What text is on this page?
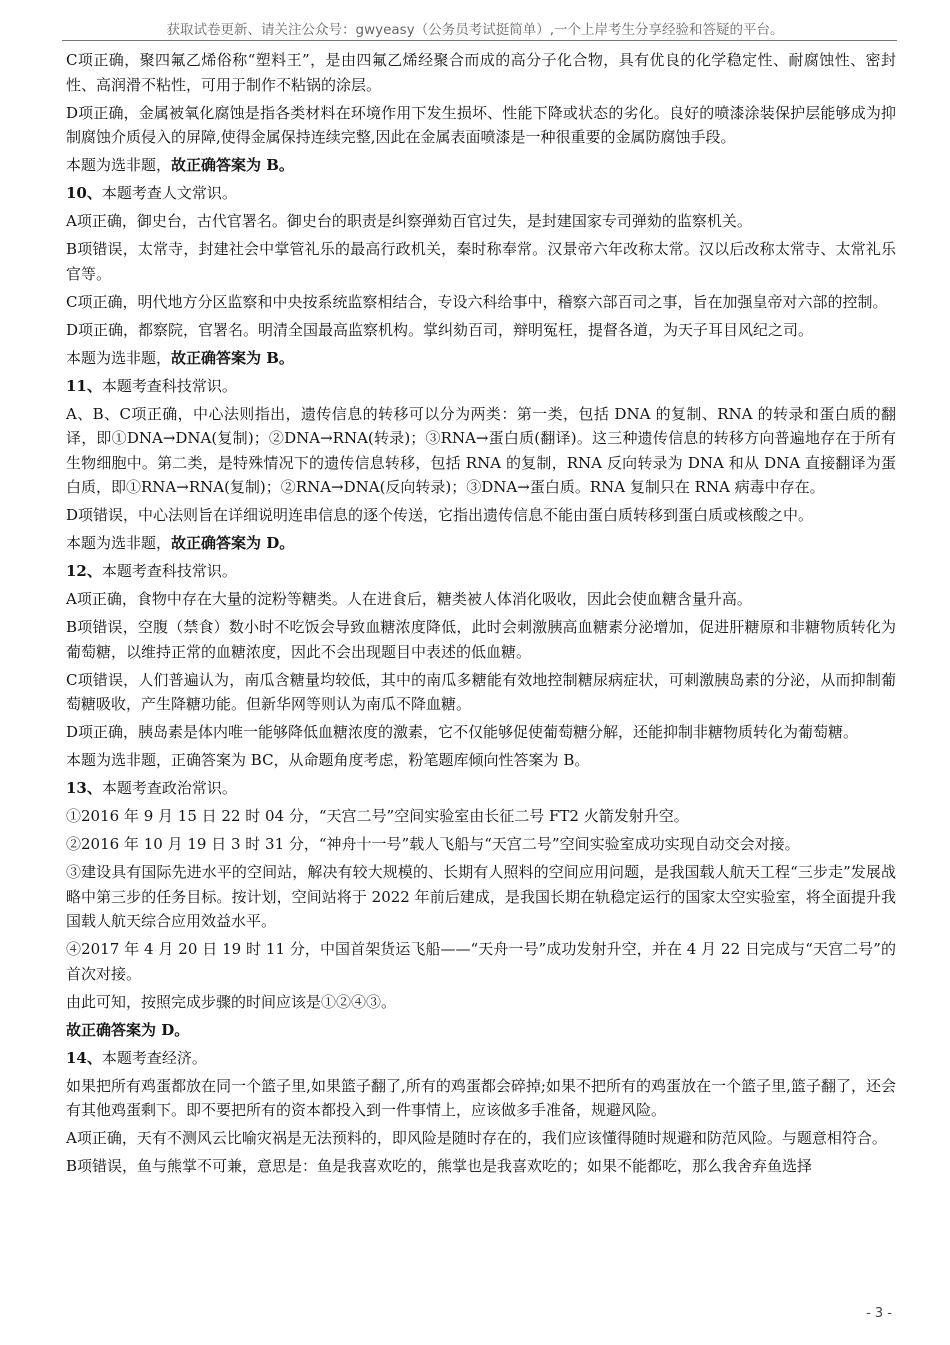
获取试卷更新、请关注公众号：gwyeasy（公务员考试挺简单）,一个上岸考生分享经验和答疑的平台。

C项正确，聚四氟乙烯俗称“塑料王”，是由四氟乙烯经聚合而成的高分子化合物，具有优良的化学稳定性、耐腐蚀性、密封性、高润滑不粘性，可用于制作不粘锅的涂层。

D项正确，金属被氧化腐蚀是指各类材料在环境作用下发生损坏、性能下降或状态的劣化。良好的喷漆涂装保护层能够成为抑制腐蚀介质侵入的屏障,使得金属保持连续完整,因此在金属表面喷漆是一种很重要的金属防腐蚀手段。

本题为选非题，故正确答案为 B。

10、本题考查人文常识。

A项正确，御史台，古代官署名。御史台的职责是纠察弹劾百官过失，是封建国家专司弹劾的监察机关。

B项错误，太常寺，封建社会中掌管礼乐的最高行政机关，秦时称奉常。汉景帝六年改称太常。汉以后改称太常寺、太常礼乐官等。

C项正确，明代地方分区监察和中央按系统监察相结合，专设六科给事中，稽察六部百司之事，旨在加强皇帝对六部的控制。

D项正确，都察院，官署名。明清全国最高监察机构。掌纠劾百司，辩明冤枉，提督各道，为天子耳目风纪之司。

本题为选非题，故正确答案为 B。

11、本题考查科技常识。

A、B、C项正确，中心法则指出，遗传信息的转移可以分为两类：第一类，包括 DNA 的复制、RNA 的转录和蛋白质的翻译，即①DNA→DNA(复制)；②DNA→RNA(转录)；③RNA→蛋白质(翻译)。这三种遗传信息的转移方向普遍地存在于所有生物细胞中。第二类，是特殊情况下的遗传信息转移，包括 RNA 的复制，RNA 反向转录为 DNA 和从 DNA 直接翻译为蛋白质，即①RNA→RNA(复制)；②RNA→DNA(反向转录)；③DNA→蛋白质。RNA 复制只在 RNA 病毒中存在。

D项错误，中心法则旨在详细说明连串信息的逐个传送，它指出遗传信息不能由蛋白质转移到蛋白质或核酸之中。

本题为选非题，故正确答案为 D。

12、本题考查科技常识。

A项正确，食物中存在大量的淀粉等糖类。人在进食后，糖类被人体消化吸收，因此会使血糖含量升高。

B项错误，空腹（禁食）数小时不吃饭会导致血糖浓度降低，此时会刺激胰高血糖素分泌增加，促进肝糖原和非糖物质转化为葡萄糖，以维持正常的血糖浓度，因此不会出现题目中表述的低血糖。

C项错误，人们普遍认为，南瓜含糖量均较低，其中的南瓜多糖能有效地控制糖尿病症状，可刺激胰岛素的分泌，从而抑制葡萄糖吸收，产生降糖功能。但新华网等则认为南瓜不降血糖。

D项正确，胰岛素是体内唯一能够降低血糖浓度的激素，它不仅能够促使葡萄糖分解，还能抑制非糖物质转化为葡萄糖。

本题为选非题，正确答案为 BC，从命题角度考虑，粉笔题库倾向性答案为 B。

13、本题考查政治常识。

①2016 年 9 月 15 日 22 时 04 分，“天宫二号”空间实验室由长征二号 FT2 火箭发射升空。

②2016 年 10 月 19 日 3 时 31 分，“神舟十一号”载人飞船与“天宫二号”空间实验室成功实现自动交会对接。

③建设具有国际先进水平的空间站，解决有较大规模的、长期有人照料的空间应用问题，是我国载人航天工程“三步走”发展战略中第三步的任务目标。按计划，空间站将于 2022 年前后建成，是我国长期在轨稳定运行的国家太空实验室，将全面提升我国载人航天综合应用效益水平。

④2017 年 4 月 20 日 19 时 11 分，中国首架货运飞船——“天舟一号”成功发射升空，并在 4 月 22 日完成与“天宫二号”的首次对接。

由此可知，按照完成步骤的时间应该是①②④③。

故正确答案为 D。

14、本题考查经济。

如果把所有鸡蛋都放在同一个篮子里,如果篮子翻了,所有的鸡蛋都会碎掉;如果不把所有的鸡蛋放在一个篮子里,篮子翻了，还会有其他鸡蛋剩下。即不要把所有的资本都投入到一件事情上，应该做多手准备，规避风险。

A项正确，天有不测风云比喻灾祸是无法预料的，即风险是随时存在的，我们应该懂得随时规避和防范风险。与题意相符合。

B项错误，鱼与熊掌不可兼，意思是：鱼是我喜欢吃的，熊掌也是我喜欢吃的；如果不能都吃，那么我舍弃鱼选择

- 3 -
